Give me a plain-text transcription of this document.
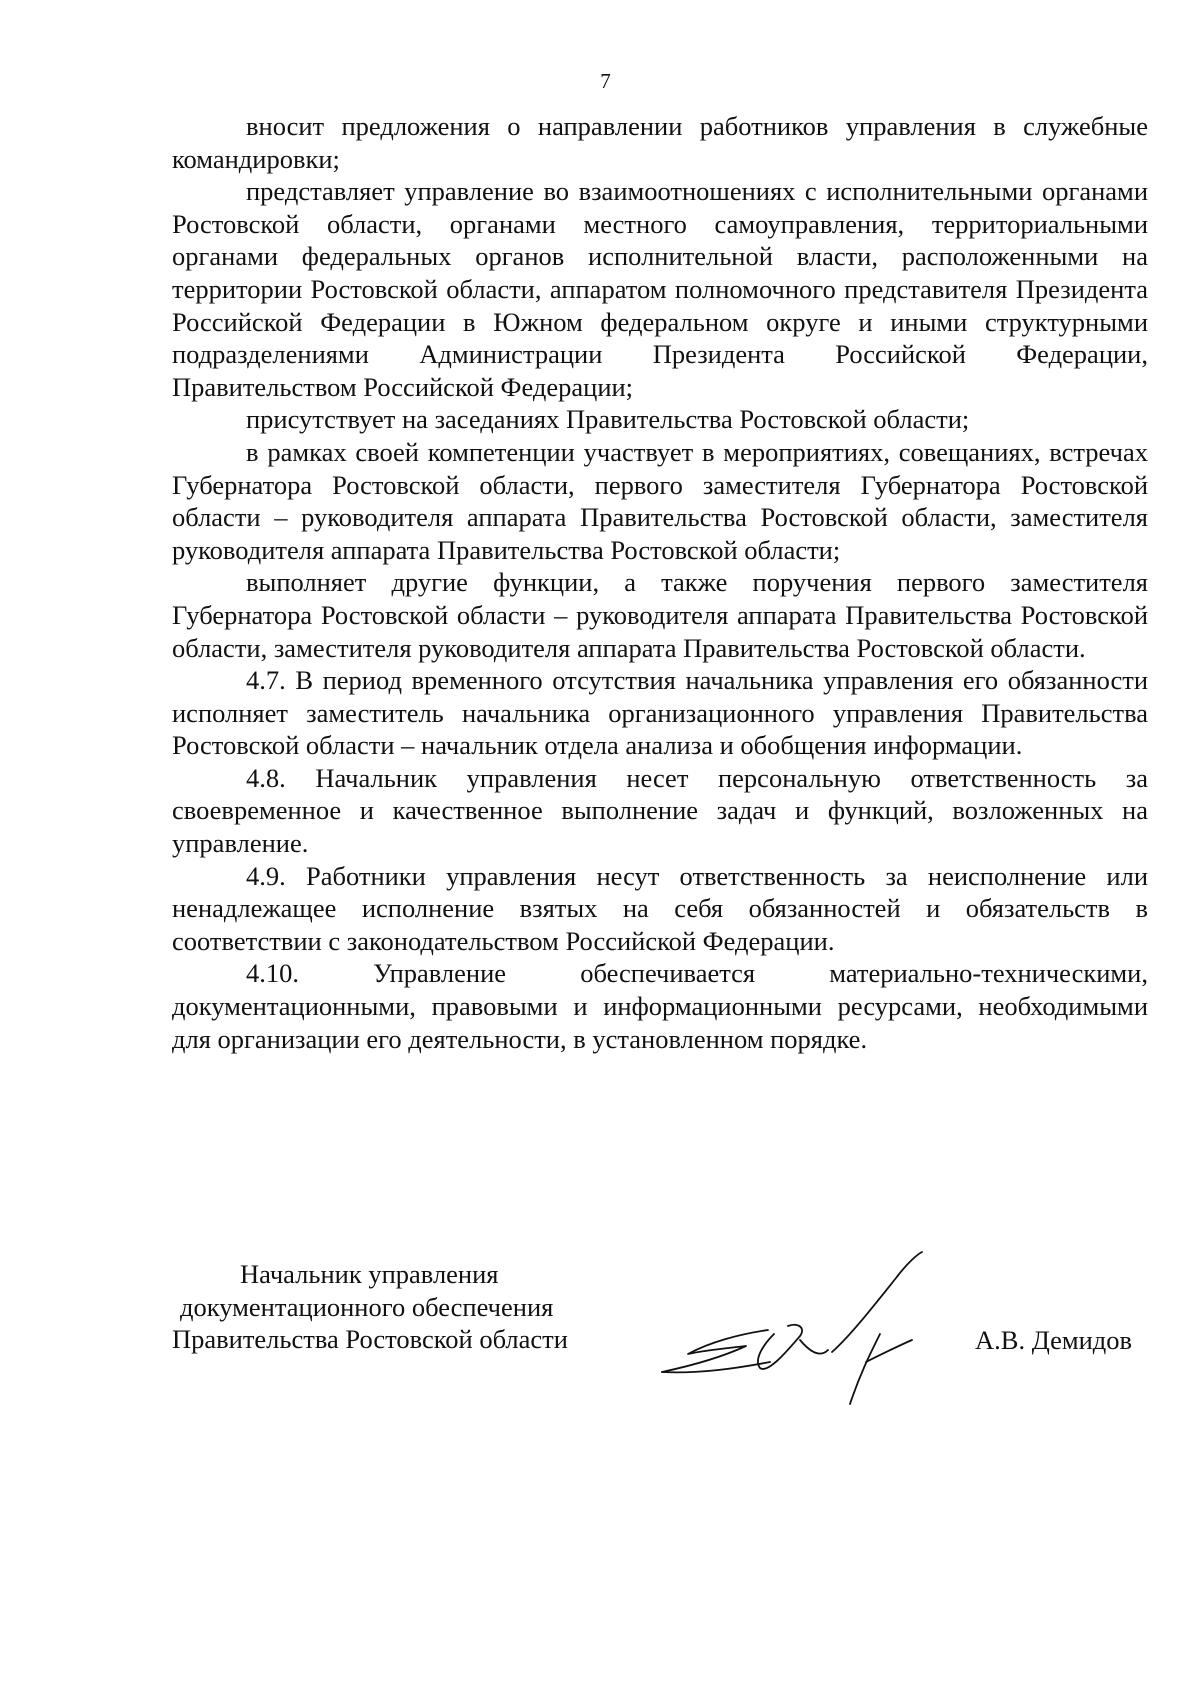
7

вносит предложения о направлении работников управления в служебные командировки;

представляет управление во взаимоотношениях с исполнительными органами Ростовской области, органами местного самоуправления, территориальными органами федеральных органов исполнительной власти, расположенными на территории Ростовской области, аппаратом полномочного представителя Президента Российской Федерации в Южном федеральном округе и иными структурными подразделениями Администрации Президента Российской Федерации, Правительством Российской Федерации;

присутствует на заседаниях Правительства Ростовской области;

в рамках своей компетенции участвует в мероприятиях, совещаниях, встречах Губернатора Ростовской области, первого заместителя Губернатора Ростовской области – руководителя аппарата Правительства Ростовской области, заместителя руководителя аппарата Правительства Ростовской области;

выполняет другие функции, а также поручения первого заместителя Губернатора Ростовской области – руководителя аппарата Правительства Ростовской области, заместителя руководителя аппарата Правительства Ростовской области.

4.7. В период временного отсутствия начальника управления его обязанности исполняет заместитель начальника организационного управления Правительства Ростовской области – начальник отдела анализа и обобщения информации.

4.8. Начальник управления несет персональную ответственность за своевременное и качественное выполнение задач и функций, возложенных на управление.

4.9. Работники управления несут ответственность за неисполнение или ненадлежащее исполнение взятых на себя обязанностей и обязательств в соответствии с законодательством Российской Федерации.

4.10. Управление обеспечивается материально-техническими, документационными, правовыми и информационными ресурсами, необходимыми для организации его деятельности, в установленном порядке.

Начальник управления
документационного обеспечения
Правительства Ростовской области	А.В. Демидов
